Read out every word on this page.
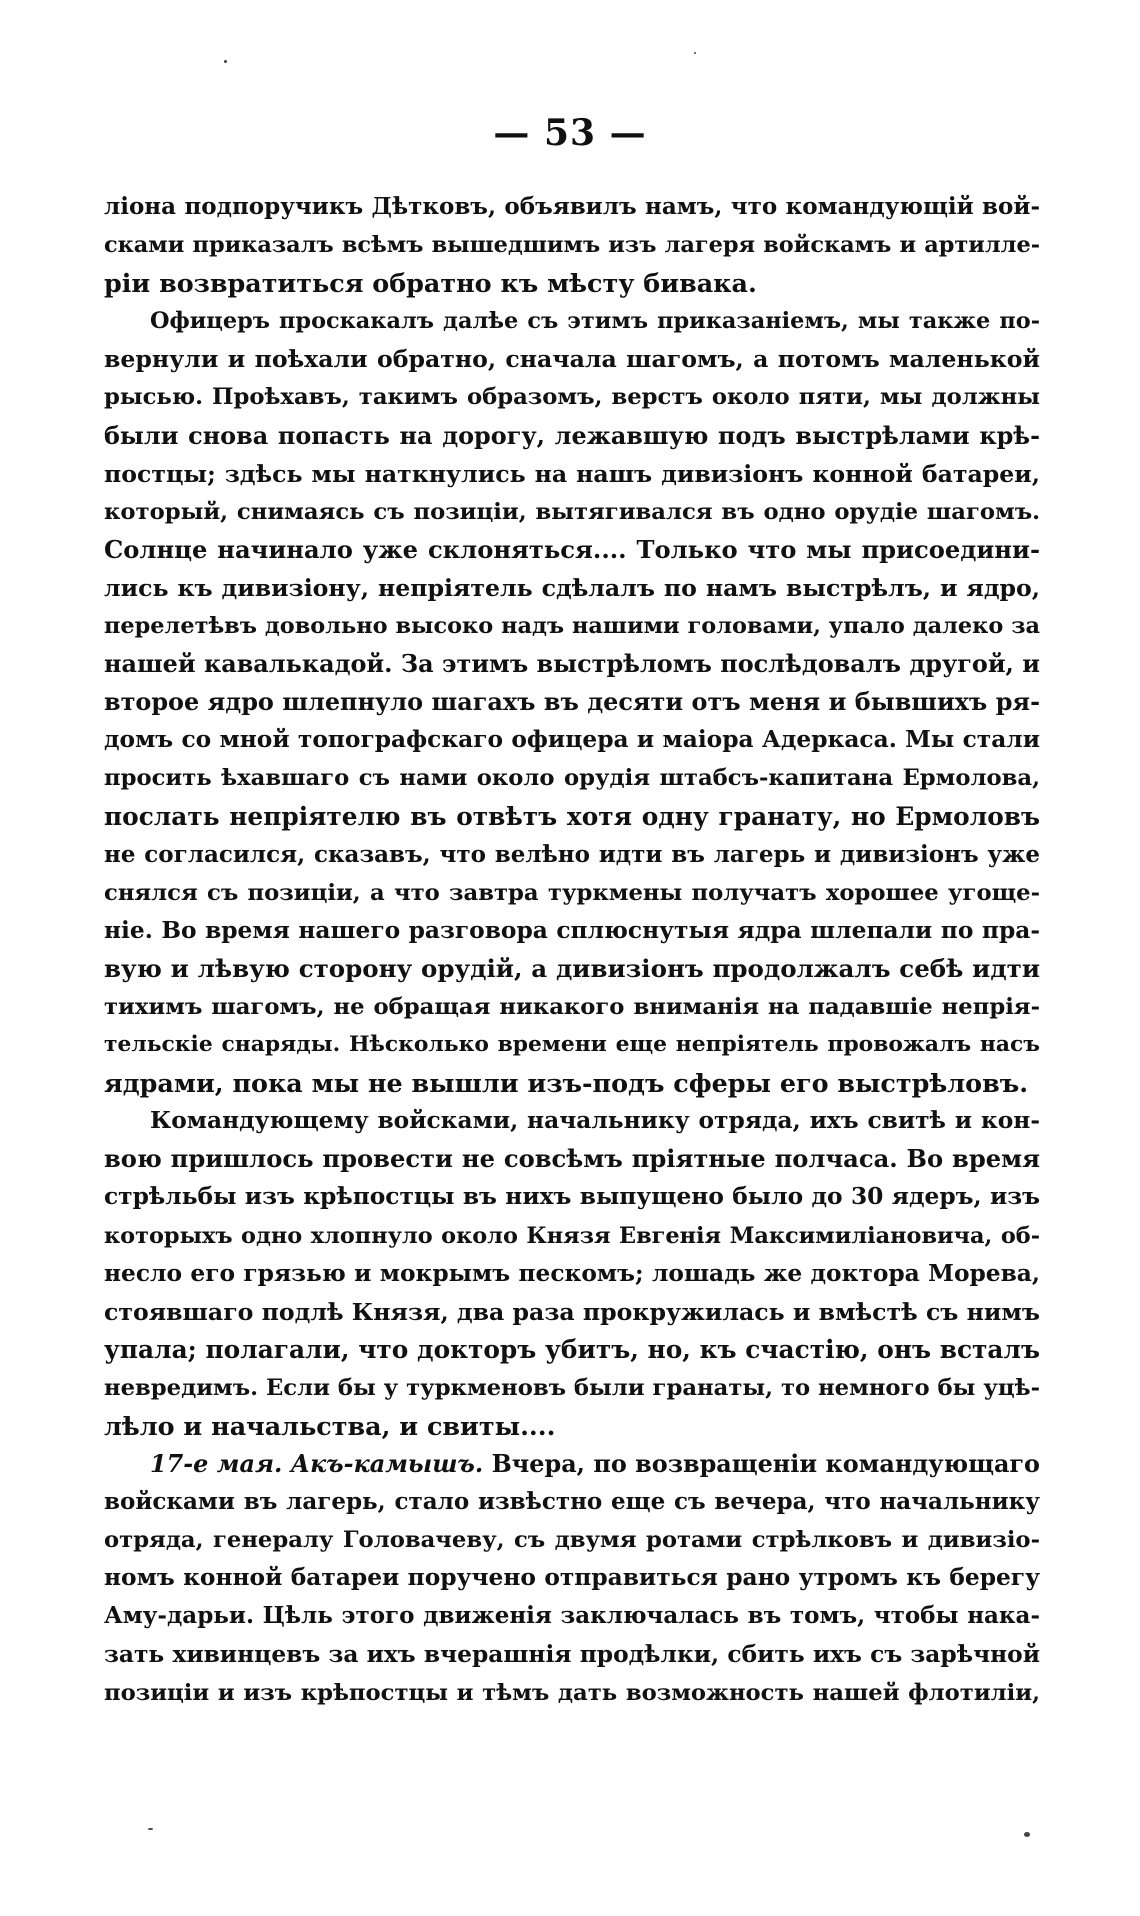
— 53 —
ліона подпоручикъ Дѣтковъ, объявилъ намъ, что командующій вой-
сками приказалъ всѣмъ вышедшимъ изъ лагеря войскамъ и артилле-
ріи возвратиться обратно къ мѣсту бивака.
Офицеръ проскакалъ далѣе съ этимъ приказаніемъ, мы также по-
вернули и поѣхали обратно, сначала шагомъ, а потомъ маленькой
рысью. Проѣхавъ, такимъ образомъ, верстъ около пяти, мы должны
были снова попасть на дорогу, лежавшую подъ выстрѣлами крѣ-
постцы; здѣсь мы наткнулись на нашъ дивизіонъ конной батареи,
который, снимаясь съ позиціи, вытягивался въ одно орудіе шагомъ.
Солнце начинало уже склоняться.... Только что мы присоедини-
лись къ дивизіону, непріятель сдѣлалъ по намъ выстрѣлъ, и ядро,
перелетѣвъ довольно высоко надъ нашими головами, упало далеко за
нашей кавалькадой. За этимъ выстрѣломъ послѣдовалъ другой, и
второе ядро шлепнуло шагахъ въ десяти отъ меня и бывшихъ ря-
домъ со мной топографскаго офицера и маіора Адеркаса. Мы стали
просить ѣхавшаго съ нами около орудія штабсъ-капитана Ермолова,
послать непріятелю въ отвѣтъ хотя одну гранату, но Ермоловъ
не согласился, сказавъ, что велѣно идти въ лагерь и дивизіонъ уже
снялся съ позиціи, а что завтра туркмены получатъ хорошее угоще-
ніе. Во время нашего разговора сплюснутыя ядра шлепали по пра-
вую и лѣвую сторону орудій, а дивизіонъ продолжалъ себѣ идти
тихимъ шагомъ, не обращая никакого вниманія на падавшіе непрія-
тельскіе снаряды. Нѣсколько времени еще непріятель провожалъ насъ
ядрами, пока мы не вышли изъ-подъ сферы его выстрѣловъ.
Командующему войсками, начальнику отряда, ихъ свитѣ и кон-
вою пришлось провести не совсѣмъ пріятные полчаса. Во время
стрѣльбы изъ крѣпостцы въ нихъ выпущено было до 30 ядеръ, изъ
которыхъ одно хлопнуло около Князя Евгенія Максимиліановича, об-
несло его грязью и мокрымъ пескомъ; лошадь же доктора Морева,
стоявшаго подлѣ Князя, два раза прокружилась и вмѣстѣ съ нимъ
упала; полагали, что докторъ убитъ, но, къ счастію, онъ всталъ
невредимъ. Если бы у туркменовъ были гранаты, то немного бы уцѣ-
лѣло и начальства, и свиты....
17-е мая. Акъ-камышъ. Вчера, по возвращеніи командующаго
войсками въ лагерь, стало извѣстно еще съ вечера, что начальнику
отряда, генералу Головачеву, съ двумя ротами стрѣлковъ и дивизіо-
номъ конной батареи поручено отправиться рано утромъ къ берегу
Аму-дарьи. Цѣль этого движенія заключалась въ томъ, чтобы нака-
зать хивинцевъ за ихъ вчерашнія продѣлки, сбить ихъ съ зарѣчной
позиціи и изъ крѣпостцы и тѣмъ дать возможность нашей флотиліи,
